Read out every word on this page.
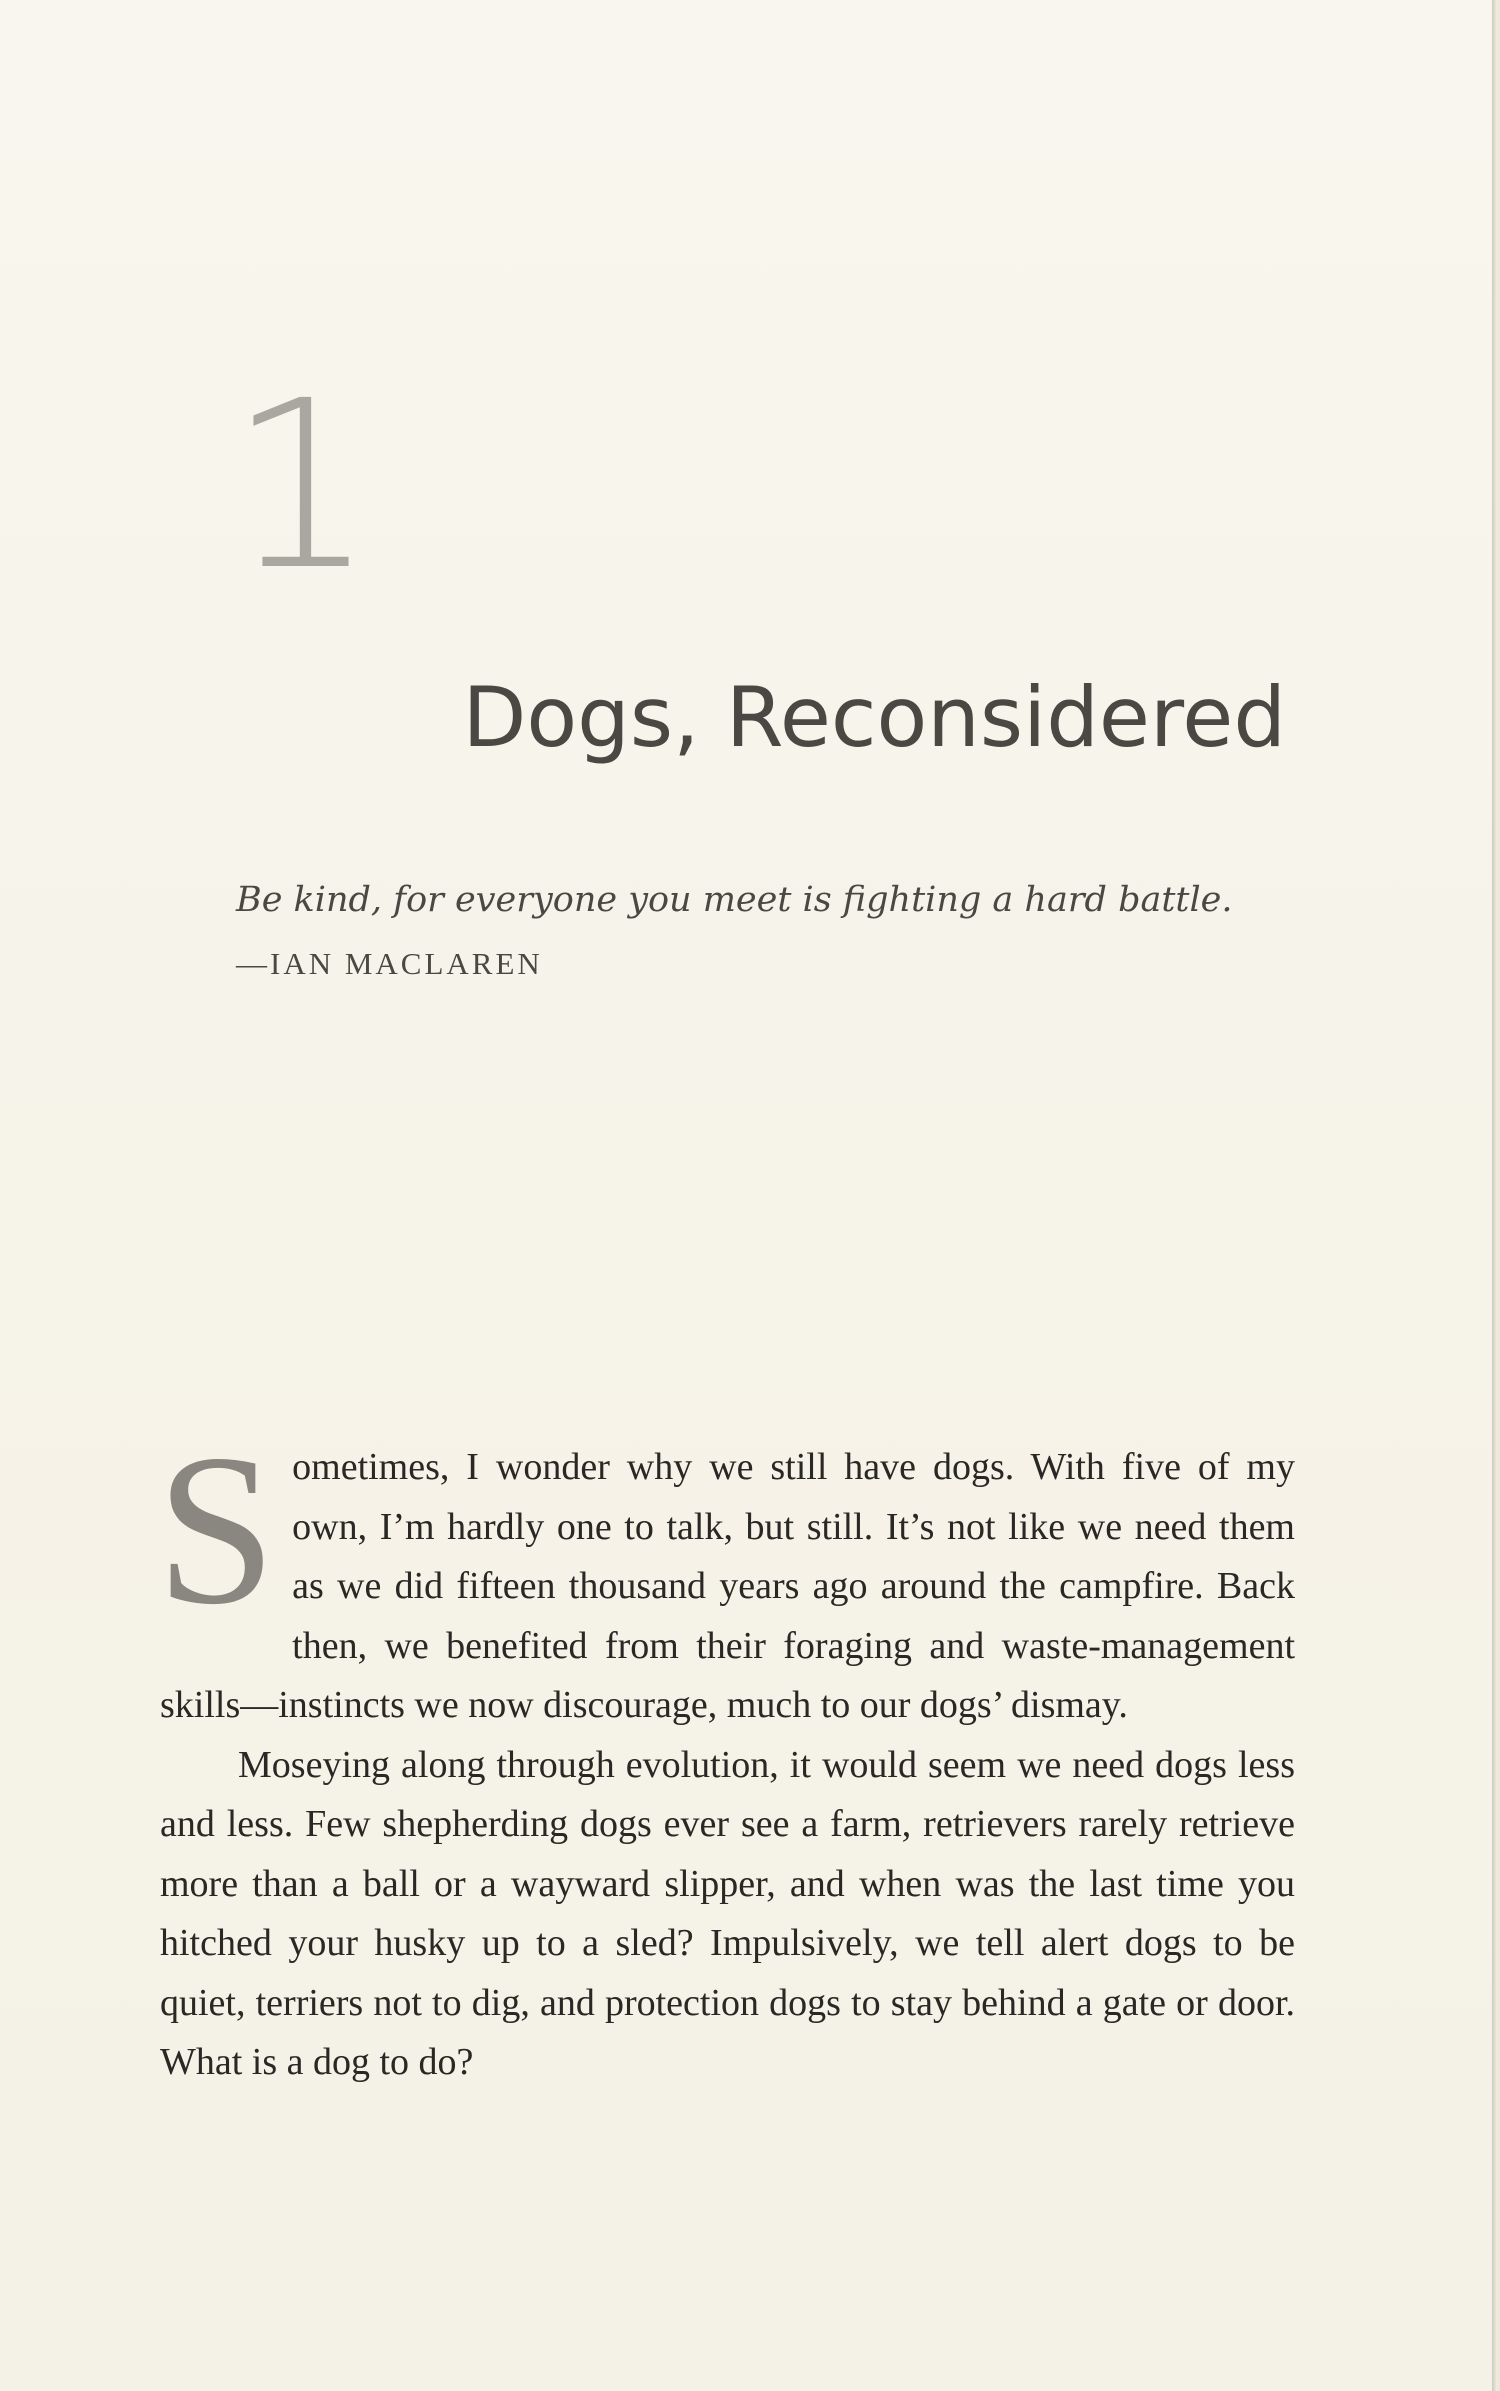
1
Dogs, Reconsidered

Be kind, for everyone you meet is fighting a hard battle.

—IAN MACLAREN

Sometimes, I wonder why we still have dogs. With five of my own, I’m hardly one to talk, but still. It’s not like we need them as we did fifteen thousand years ago around the campfire. Back then, we benefited from their foraging and waste-management skills—instincts we now discourage, much to our dogs’ dismay.

Moseying along through evolution, it would seem we need dogs less and less. Few shepherding dogs ever see a farm, retrievers rarely retrieve more than a ball or a wayward slipper, and when was the last time you hitched your husky up to a sled? Impulsively, we tell alert dogs to be quiet, terriers not to dig, and protection dogs to stay behind a gate or door. What is a dog to do?
